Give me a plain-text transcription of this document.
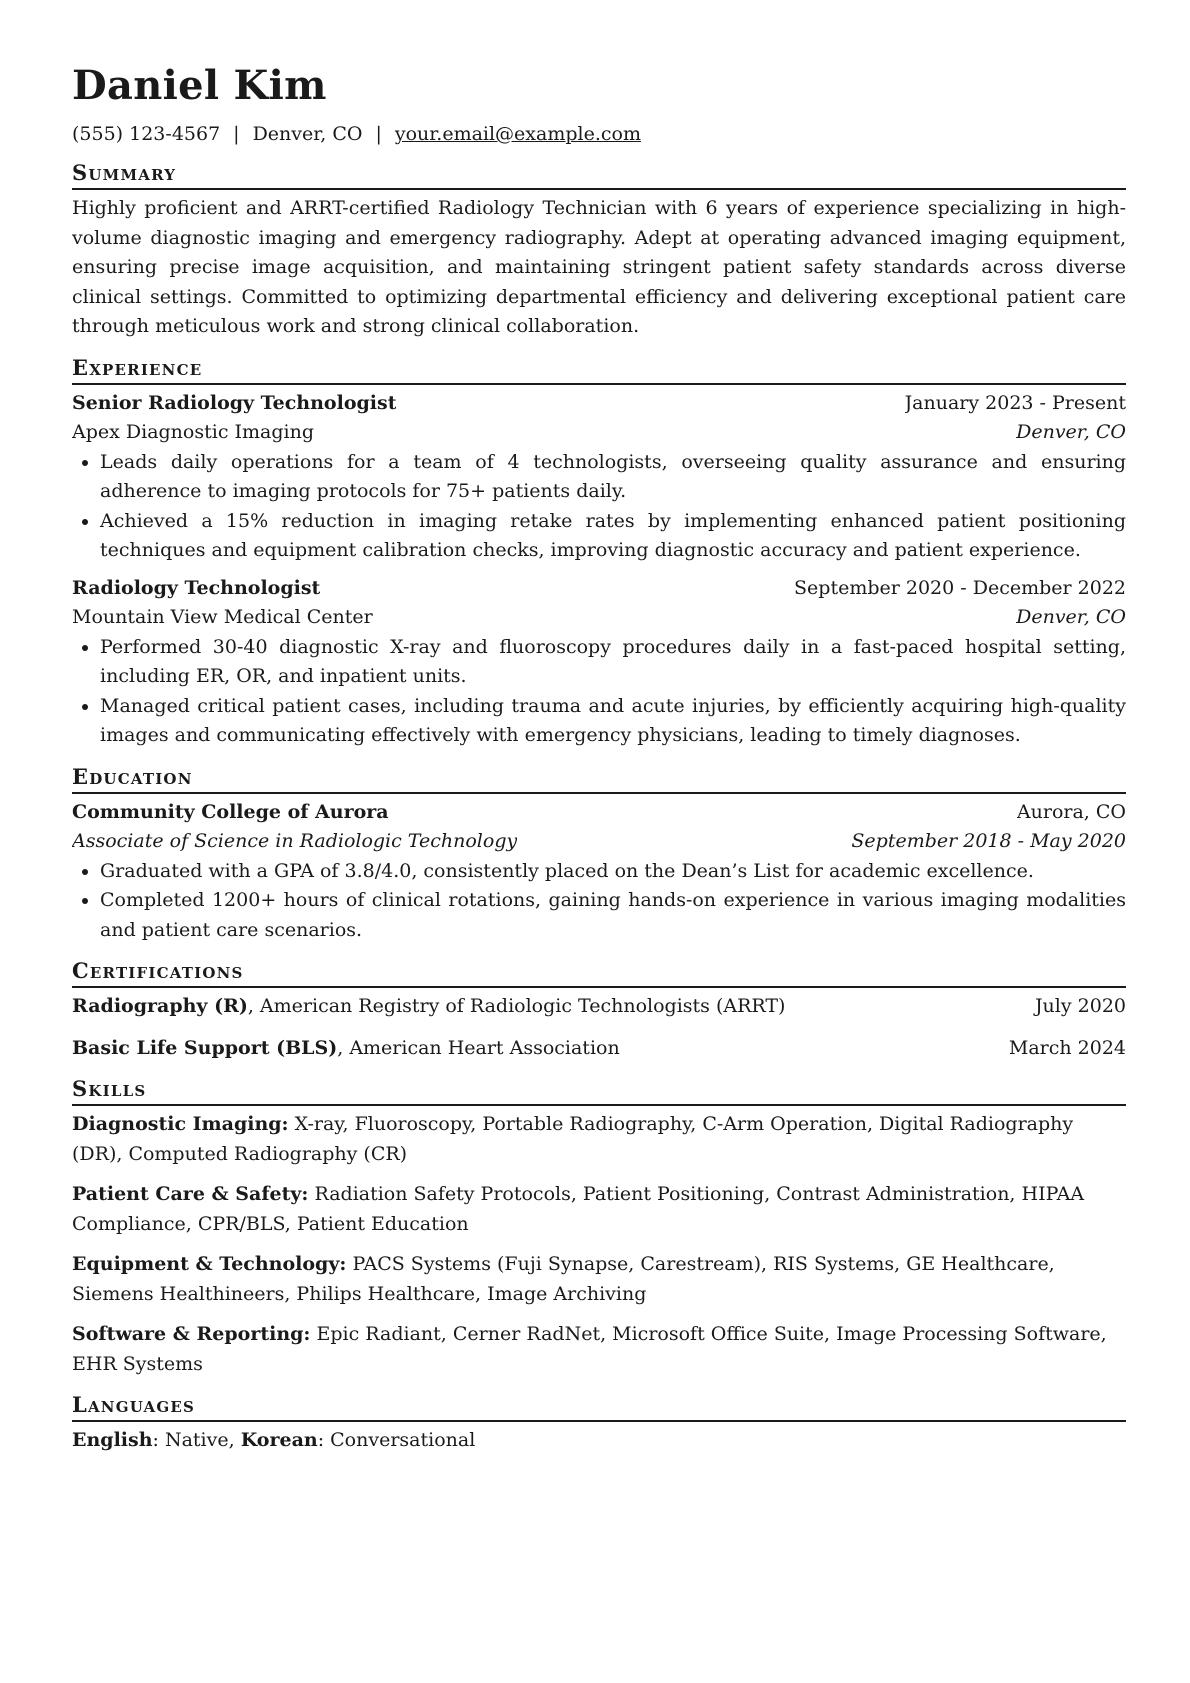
Daniel Kim
(555) 123-4567 | Denver, CO | your.email@example.com
Summary
Highly proficient and ARRT-certified Radiology Technician with 6 years of experience specializing in high-volume diagnostic imaging and emergency radiography. Adept at operating advanced imaging equipment, ensuring precise image acquisition, and maintaining stringent patient safety standards across diverse clinical settings. Committed to optimizing departmental efficiency and delivering exceptional patient care through meticulous work and strong clinical collaboration.
Experience
Senior Radiology Technologist	January 2023 - Present
Apex Diagnostic Imaging	Denver, CO
• Leads daily operations for a team of 4 technologists, overseeing quality assurance and ensuring adherence to imaging protocols for 75+ patients daily.
• Achieved a 15% reduction in imaging retake rates by implementing enhanced patient positioning techniques and equipment calibration checks, improving diagnostic accuracy and patient experience.
Radiology Technologist	September 2020 - December 2022
Mountain View Medical Center	Denver, CO
• Performed 30-40 diagnostic X-ray and fluoroscopy procedures daily in a fast-paced hospital setting, including ER, OR, and inpatient units.
• Managed critical patient cases, including trauma and acute injuries, by efficiently acquiring high-quality images and communicating effectively with emergency physicians, leading to timely diagnoses.
Education
Community College of Aurora	Aurora, CO
Associate of Science in Radiologic Technology	September 2018 - May 2020
• Graduated with a GPA of 3.8/4.0, consistently placed on the Dean’s List for academic excellence.
• Completed 1200+ hours of clinical rotations, gaining hands-on experience in various imaging modalities and patient care scenarios.
Certifications
Radiography (R), American Registry of Radiologic Technologists (ARRT)	July 2020
Basic Life Support (BLS), American Heart Association	March 2024
Skills
Diagnostic Imaging: X-ray, Fluoroscopy, Portable Radiography, C-Arm Operation, Digital Radiography (DR), Computed Radiography (CR)
Patient Care & Safety: Radiation Safety Protocols, Patient Positioning, Contrast Administration, HIPAA Compliance, CPR/BLS, Patient Education
Equipment & Technology: PACS Systems (Fuji Synapse, Carestream), RIS Systems, GE Healthcare, Siemens Healthineers, Philips Healthcare, Image Archiving
Software & Reporting: Epic Radiant, Cerner RadNet, Microsoft Office Suite, Image Processing Software, EHR Systems
Languages
English: Native, Korean: Conversational
